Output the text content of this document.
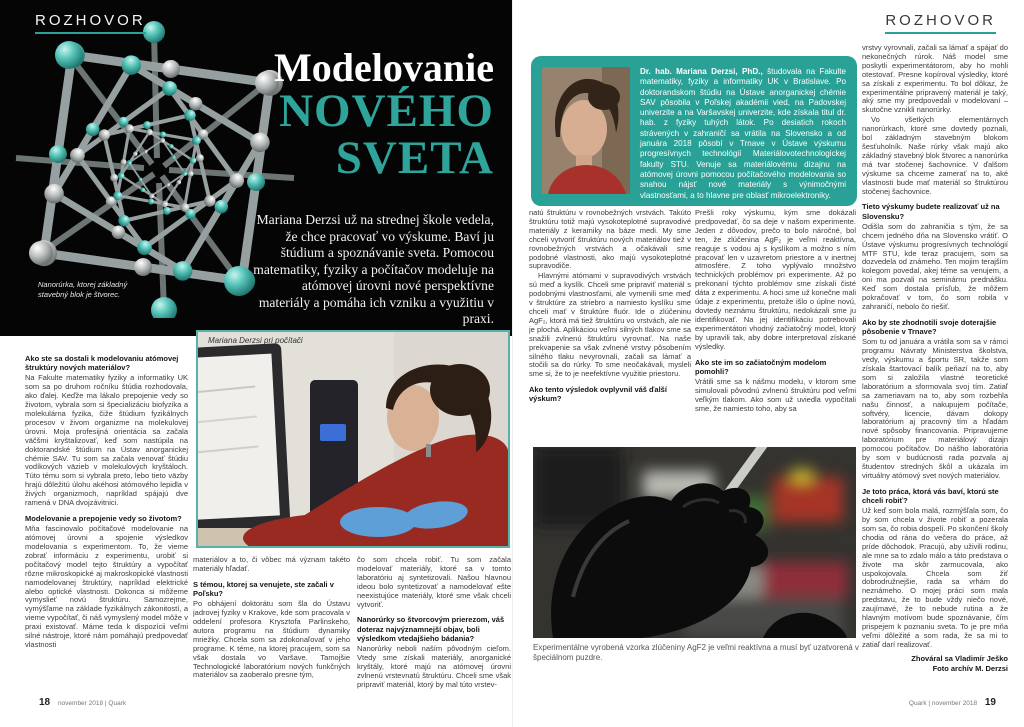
ROZHOVOR
Modelovanie
NOVÉHO
SVETA
Mariana Derzsi už na strednej škole vedela, že chce pracovať vo výskume. Baví ju štúdium a spoznávanie sveta. Pomocou matematiky, fyziky a počítačov modeluje na atómovej úrovni nové perspektívne materiály a pomáha ich vzniku a využitiu v praxi.
Nanorúrka, ktorej základný stavebný blok je štvorec.
Mariana Derzsi pri počítači

Ako ste sa dostali k modelovaniu atómovej štruktúry nových materiálov?

Na Fakulte matematiky fyziky a informatiky UK som sa po druhom ročníku štúdia rozhodovala, ako ďalej. Keďže ma lákalo prepojenie vedy so životom, vybrala som si špecializáciu biofyzika a molekulárna fyzika, čiže štúdium fyzikálnych procesov v živom organizme na molekulovej úrovni. Moja profesijná orientácia sa začala väčšmi kryštalizovať, keď som nastúpila na doktorandské štúdium na Ústav anorganickej chémie SAV. Tu som sa začala venovať štúdiu vodíkových väzieb v molekulových kryštáloch. Túto tému som si vybrala preto, lebo tieto väzby hrajú dôležitú úlohu akéhosi atómového lepidla v živých organizmoch, napríklad spájajú dve ramená v DNA dvojzávitnici.

Modelovanie a prepojenie vedy so životom?

Mňa fascinovalo počítačové modelovanie na atómovej úrovni a spojenie výsledkov modelovania s experimentom. To, že vieme zobrať informáciu z experimentu, urobiť si počítačový model tejto štruktúry a vypočítať rôzne mikroskopické aj makroskopické vlastnosti namodelovanej štruktúry, napríklad elektrické alebo optické vlastnosti. Dokonca si môžeme vymyslieť novú štruktúru. Samozrejme, vymýšľame na základe fyzikálnych zákonitostí, a vieme vypočítať, či náš vymyslený model môže v praxi existovať. Máme teda k dispozícii veľmi silné nástroje, ktoré nám pomáhajú predpovedať vlastnosti

materiálov a to, či vôbec má význam takéto materiály hľadať.

S témou, ktorej sa venujete, ste začali v Poľsku?

Po obhájení doktorátu som šla do Ústavu jadrovej fyziky v Krakove, kde som pracovala v oddelení profesora Krysztofa Parlinskeho, autora programu na štúdium dynamiky mriežky. Chcela som sa zdokonaľovať v jeho programe. K téme, na ktorej pracujem, som sa však dostala vo Varšave. Tamojšie Technologické laboratórium nových funkčných materiálov sa zaoberalo presne tým,

čo som chcela robiť. Tu som začala modelovať materiály, ktoré sa v tomto laboratóriu aj syntetizovali. Našou hlavnou ideou bolo syntetizovať a namodelovať ešte neexistujúce materiály, ktoré sme však chceli vytvoriť.

Nanorúrky so štvorcovým prierezom, váš doteraz najvýznamnejší objav, boli výsledkom vtedajšieho bádania?

Nanorúrky neboli naším pôvodným cieľom. Vtedy sme získali materiály, anorganické kryštály, ktoré majú na atómovej úrovni zvlnenú vrstevnatú štruktúru. Chceli sme však pripraviť materiál, ktorý by mal túto vrstev-

18 november 2018 | Quark
ROZHOVOR
Dr. hab. Mariana Derzsi, PhD., študovala na Fakulte matematiky, fyziky a informatiky UK v Bratislave. Po doktorandskom štúdiu na Ústave anorganickej chémie SAV pôsobila v Poľskej akadémii vied, na Padovskej univerzite a na Varšavskej univerzite, kde získala titul dr. hab. z fyziky tuhých látok. Po desiatich rokoch strávených v zahraničí sa vrátila na Slovensko a od januára 2018 pôsobí v Trnave v Ústave výskumu progresívnych technológií Materiálovotechnologickej fakulty STU. Venuje sa materiálovému dizajnu na atómovej úrovni pomocou počítačového modelovania so snahou nájsť nové materiály s výnimočnými vlastnosťami, a to hlavne pre oblasť mikroelektroniky.

natú štruktúru v rovnobežných vrstvách. Takúto štruktúru totiž majú vysokoteplotné supravodivé materiály z keramiky na báze medi. My sme chceli vytvoriť štruktúru nových materiálov tiež v rovnobežných vrstvách a očakávali sme podobné vlastnosti, ako majú vysokoteplotné supravodiče.

Hlavnými atómami v supravodivých vrstvách sú meď a kyslík. Chceli sme pripraviť materiál s podobnými vlastnosťami, ale vymenili sme meď v štruktúre za striebro a namiesto kyslíku sme chceli mať v štruktúre fluór. Ide o zlúčeninu AgF₂, ktorá má tiež štruktúru vo vrstvách, ale nie je plochá. Aplikáciou veľmi silných tlakov sme sa snažili zvlnenú štruktúru vyrovnať. Na naše prekvapenie sa však zvlnené vrstvy pôsobením silného tlaku nevyrovnali, začali sa lámať a stočili sa do rúrky. To sme neočakávali, mysleli sme si, že to je neefektívne využitie priestoru.

Ako tento výsledok ovplyvnil váš ďalší výskum?

Prešli roky výskumu, kým sme dokázali predpovedať, čo sa deje v našom experimente. Jeden z dôvodov, prečo to bolo náročné, bol ten, že zlúčenina AgF₂ je veľmi reaktívna, reaguje s vodou aj s kyslíkom a možno s ním pracovať len v uzavretom priestore a v inertnej atmosfére. Z toho vyplývalo množstvo technických problémov pri experimente. Až po prekonaní týchto problémov sme získali čisté dáta z experimentu. A hoci sme už konečne mali údaje z experimentu, pretože išlo o úplne novú, dovtedy neznámu štruktúru, nedokázali sme ju identifikovať. Na jej identifikáciu potrebovali experimentátori vhodný začiatočný model, ktorý by upravili tak, aby dobre interpretoval získané výsledky.

Ako ste im so začiatočným modelom pomohli?

Vrátili sme sa k nášmu modelu, v ktorom sme simulovali pôvodnú zvlnenú štruktúru pod veľmi veľkým tlakom. Ako som už uviedla vypočítali sme, že namiesto toho, aby sa

Experimentálne vyrobená vzorka zlúčeniny AgF2 je veľmi reaktívna a musí byť uzatvorená v špeciálnom puzdre.

vrstvy vyrovnali, začali sa lámať a spájať do nekonečných rúrok. Náš model sme poskytli experimentátorom, aby ho mohli otestovať. Presne kopíroval výsledky, ktoré sa získali z experimentu. To bol dôkaz, že experimentálne pripravený materiál je taký, aký sme my predpovedali v modelovaní – skutočne vznikli nanorúrky.

Vo všetkých elementárnych nanorúrkach, ktoré sme dovtedy poznali, bol základným stavebným blokom šesťuholník. Naše rúrky však majú ako základný stavebný blok štvorec a nanorúrka má tvar stočenej šachovnice. V ďalšom výskume sa chceme zamerať na to, aké vlastnosti bude mať materiál so štruktúrou stočenej šachovnice.

Tieto výskumy budete realizovať už na Slovensku?

Odišla som do zahraničia s tým, že sa chcem jedného dňa na Slovensko vrátiť. O Ústave výskumu progresívnych technológií MTF STU, kde teraz pracujem, som sa dozvedela od známeho. Ten mojim terajším kolegom povedal, akej téme sa venujem, a oni ma pozvali na seminárnu prednášku. Keď som dostala prísľub, že môžem pokračovať v tom, čo som robila v zahraničí, nebolo čo riešiť.

Ako by ste zhodnotili svoje doterajšie pôsobenie v Trnave?

Som tu od januára a vrátila som sa v rámci programu Návraty Ministerstva školstva, vedy, výskumu a športu SR, takže som získala štartovací balík peňazí na to, aby som si založila vlastné teoretické laboratórium a sformovala svoj tím. Zatiaľ sa zameriavam na to, aby som rozbehla našu činnosť, a nakupujem počítače, softvéry, licencie, dávam dokopy laboratórium aj pracovný tím a hľadám nové spôsoby financovania. Pripravujeme laboratórium pre materiálový dizajn pomocou počítačov. Do nášho laboratória by som v budúcnosti rada pozvala aj študentov stredných škôl a ukázala im virtuálny atómový svet nových materiálov.

Je toto práca, ktorá vás baví, ktorú ste chceli robiť?

Už keď som bola malá, rozmýšľala som, čo by som chcela v živote robiť a pozerala som sa, čo robia dospelí. Po skončení školy chodia od rána do večera do práce, až príde dôchodok. Pracujú, aby uživili rodinu, ale mne sa to zdalo málo a táto predstava o živote ma skôr zarmucovala, ako uspokojovala. Chcela som žiť dobrodružnejšie, rada sa vrhám do neznámeho. O mojej práci som mala predstavu, že to bude vždy niečo nové, zaujímavé, že to nebude rutina a že hlavným motívom bude spoznávanie, čím prispejem k poznaniu sveta. To je pre mňa veľmi dôležité a som rada, že sa mi to zatiaľ darí realizovať.

Zhováral sa Vladimír Ješko

Foto archív M. Derzsi

Quark | november 2018 19
